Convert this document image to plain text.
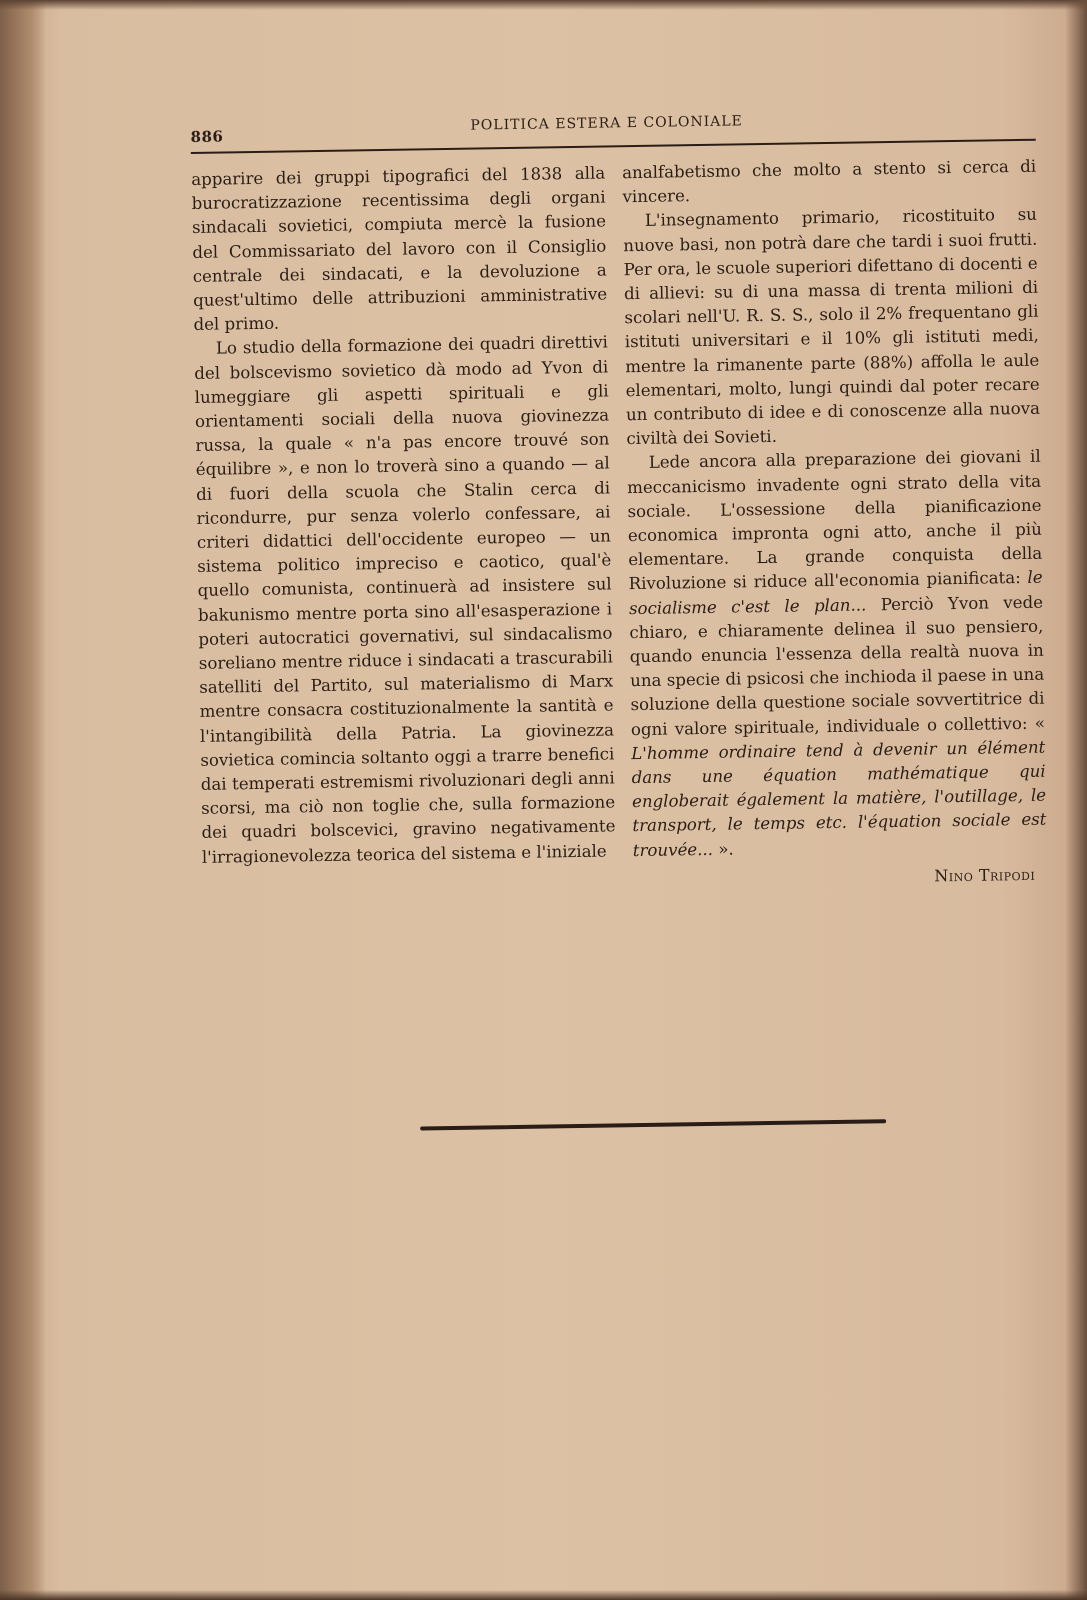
886
POLITICA ESTERA E COLONIALE

apparire dei gruppi tipografici del 1838 alla burocratizzazione recentissima degli organi sindacali sovietici, compiuta mercè la fusione del Commissariato del lavoro con il Consiglio centrale dei sindacati, e la devoluzione a quest'ultimo delle attribuzioni amministrative del primo.

Lo studio della formazione dei quadri direttivi del bolscevismo sovietico dà modo ad Yvon di lumeggiare gli aspetti spirituali e gli orientamenti sociali della nuova giovinezza russa, la quale « n'a pas encore trouvé son équilibre », e non lo troverà sino a quando — al di fuori della scuola che Stalin cerca di ricondurre, pur senza volerlo confessare, ai criteri didattici dell'occidente europeo — un sistema politico impreciso e caotico, qual'è quello comunista, continuerà ad insistere sul bakunismo mentre porta sino all'esasperazione i poteri autocratici governativi, sul sindacalismo soreliano mentre riduce i sindacati a trascurabili satelliti del Partito, sul materialismo di Marx mentre consacra costituzionalmente la santità e l'intangibilità della Patria. La giovinezza sovietica comincia soltanto oggi a trarre benefici dai temperati estremismi rivoluzionari degli anni scorsi, ma ciò non toglie che, sulla formazione dei quadri bolscevici, gravino negativamente l'irragionevolezza teorica del sistema e l'iniziale

analfabetismo che molto a stento si cerca di vincere.

L'insegnamento primario, ricostituito su nuove basi, non potrà dare che tardi i suoi frutti. Per ora, le scuole superiori difettano di docenti e di allievi: su di una massa di trenta milioni di scolari nell'U. R. S. S., solo il 2% frequentano gli istituti universitari e il 10% gli istituti medi, mentre la rimanente parte (88%) affolla le aule elementari, molto, lungi quindi dal poter recare un contributo di idee e di conoscenze alla nuova civiltà dei Sovieti.

Lede ancora alla preparazione dei giovani il meccanicismo invadente ogni strato della vita sociale. L'ossessione della pianificazione economica impronta ogni atto, anche il più elementare. La grande conquista della Rivoluzione si riduce all'economia pianificata: le socialisme c'est le plan... Perciò Yvon vede chiaro, e chiaramente delinea il suo pensiero, quando enuncia l'essenza della realtà nuova in una specie di psicosi che inchioda il paese in una soluzione della questione sociale sovvertitrice di ogni valore spirituale, individuale o collettivo: « L'homme ordinaire tend à devenir un élément dans une équation mathématique qui engloberait également la matière, l'outillage, le transport, le temps etc. l'équation sociale est trouvée... ».

Nino Tripodi
